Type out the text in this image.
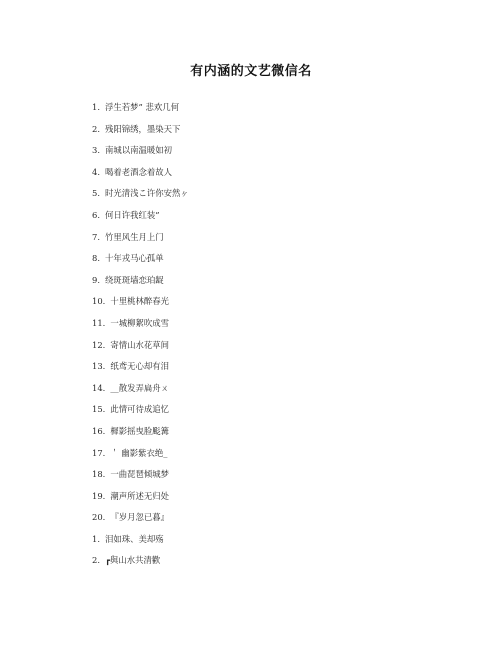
有内涵的文艺微信名
1. 浮生若梦” 悲欢几何
2. 残阳锦绣，墨染天下
3. 南城以南温暖如初
4. 喝着老酒念着故人
5. 时光清浅こ许你安然ヶ
6. 何日许我红装”
7. 竹里风生月上门
8. 十年戎马心孤单
9. 绕斑斑墙恋珀龊
10. 十里桃林醉春光
11. 一城柳絮吹成雪
12. 寄情山水花草间
13. 纸鸢无心却有泪
14. __散发弄扁舟ㄨ
15. 此情可待成追忆
16. 樨影摇曳脸颩篝
17. ＇ 幽影紫衣绝_
18. 一曲琵琶倾城梦
19. 潮声所述无归处
20. 『岁月忽已暮』
1. 泪如珠、美却殇
2. ┏與山水共清歡
